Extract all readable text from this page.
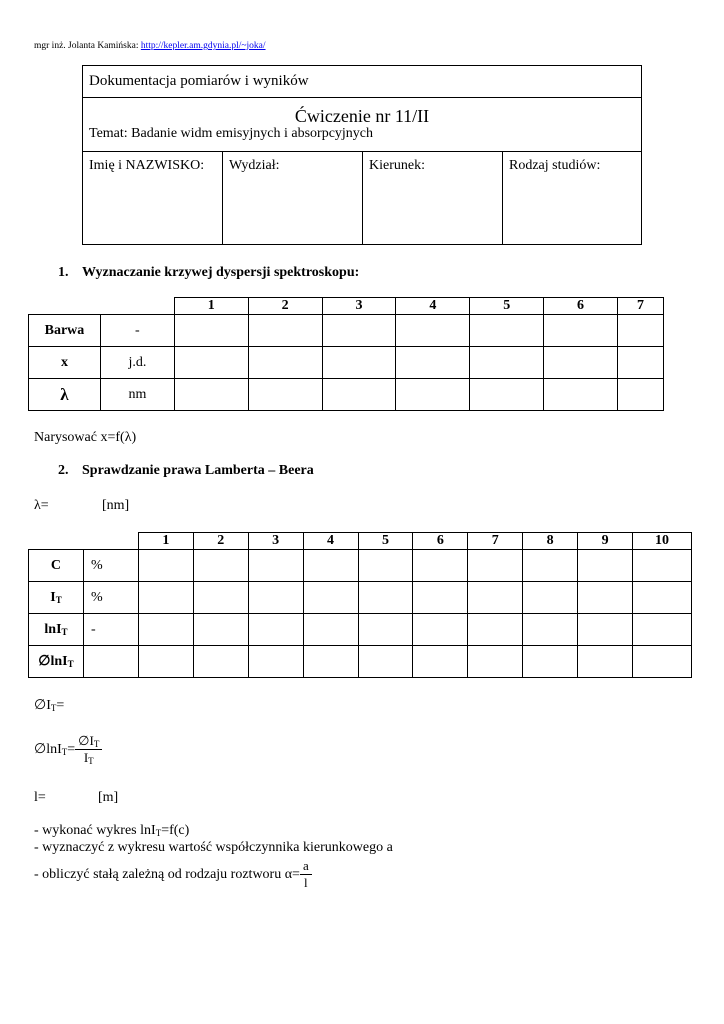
mgr inż. Jolanta Kamińska: http://kepler.am.gdynia.pl/~joka/
Dokumentacja pomiarów i wyników
Ćwiczenie nr 11/II
Temat: Badanie widm emisyjnych i absorpcyjnych
Imię i NAZWISKO:	Wydział:	Kierunek:	Rodzaj studiów:
1. Wyznaczanie krzywej dyspersji spektroskopu:
		1	2	3	4	5	6	7
Barwa	-							
x	j.d.							
λ	nm							
Narysować x=f(λ)
2. Sprawdzanie prawa Lamberta – Beera
λ=	[nm]
		1	2	3	4	5	6	7	8	9	10
C	%										
$I_T$	%										
lnI$_T$	-										
∅lnI$_T$											
$\emptyset I_T=$
∅lnI$_T$= $\frac{\emptyset I_T}{I_T}$
l=	[m]
- wykonać wykres lnI$_T$=f(c)
- wyznaczyć z wykresu wartość współczynnika kierunkowego a
- obliczyć stałą zależną od rodzaju roztworu $\alpha= \frac{a}{l}$
